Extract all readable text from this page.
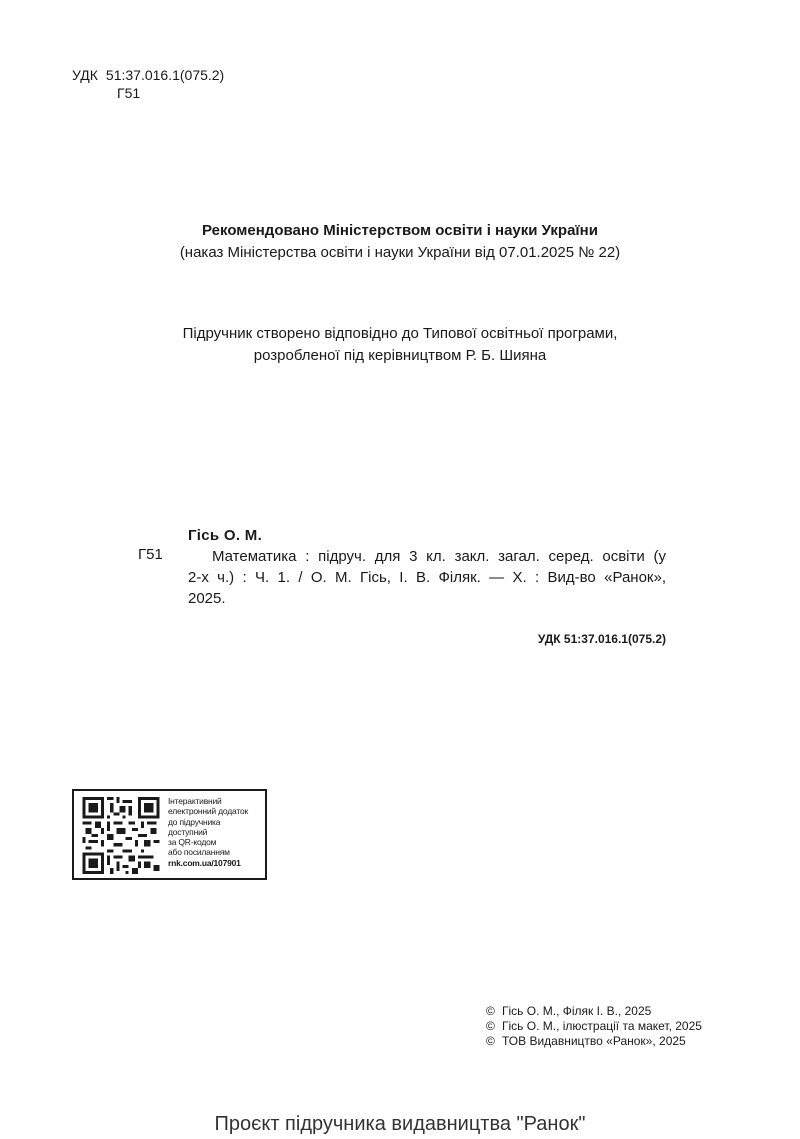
УДК 51:37.016.1(075.2)
Г51
Рекомендовано Міністерством освіти і науки України
(наказ Міністерства освіти і науки України від 07.01.2025 № 22)
Підручник створено відповідно до Типової освітньої програми,
розробленої під керівництвом Р. Б. Шияна
Гісь О. М.
Г51	Математика : підруч. для 3 кл. закл. загал. серед. освіти (у 2-х ч.) : Ч. 1. / О. М. Гісь, І. В. Філяк. — Х. : Вид-во «Ранок», 2025.
УДК 51:37.016.1(075.2)
Інтерактивний
електронний додаток
до підручника
доступний
за QR-кодом
або посиланням
rnk.com.ua/107901
© Гісь О. М., Філяк І. В., 2025
© Гісь О. М., ілюстрації та макет, 2025
© ТОВ Видавництво «Ранок», 2025
Проєкт підручника видавництва "Ранок"
